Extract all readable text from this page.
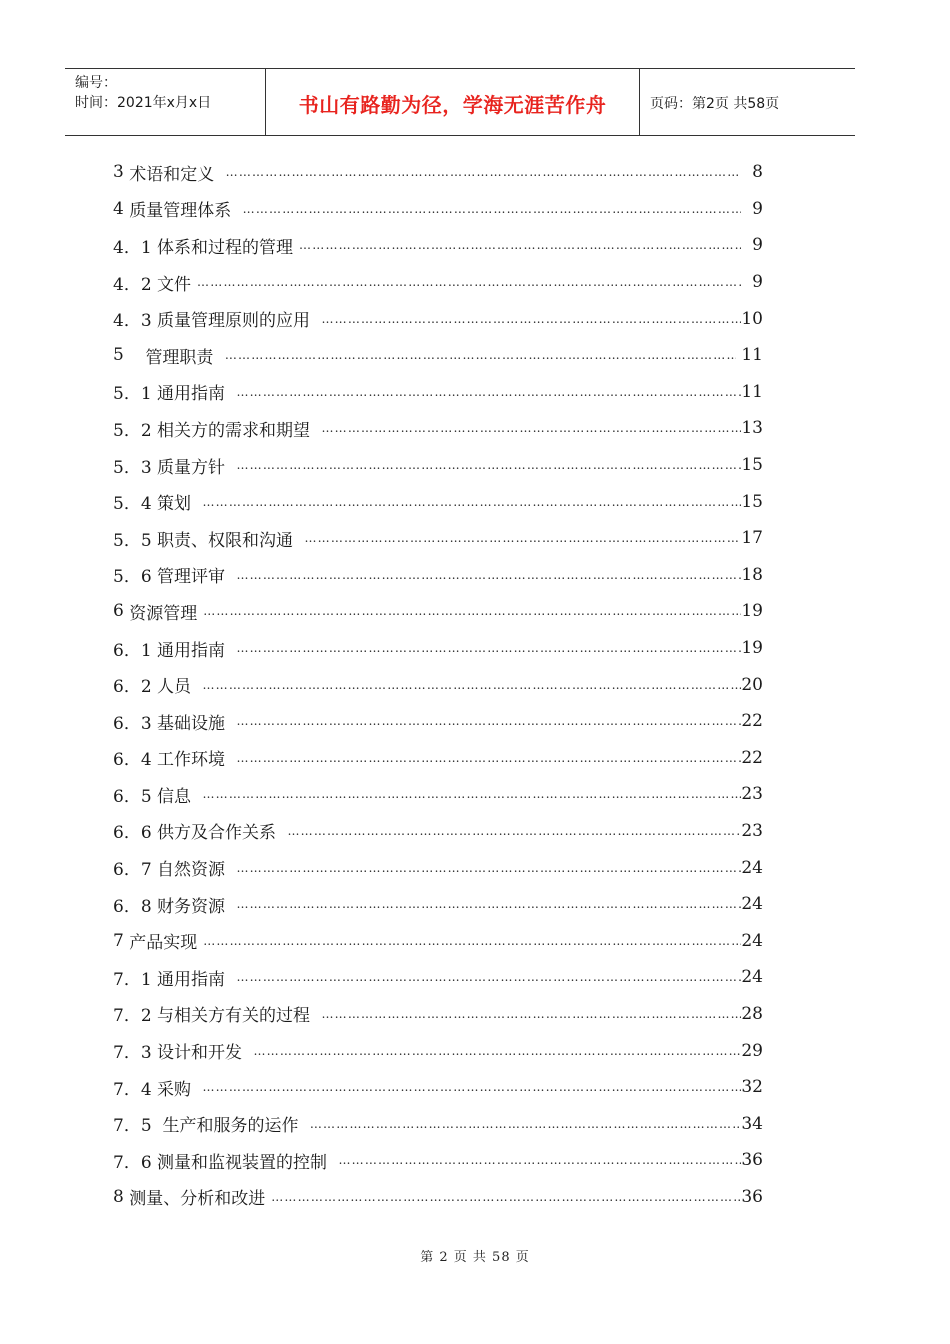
编号：
时间：2021年x月x日	书山有路勤为径，学海无涯苦作舟	页码：第2页 共58页
3 术语和定义 ……………………………………………………………………………………………………………………………………………………………………………………………………………………	8
4 质量管理体系 ……………………………………………………………………………………………………………………………………………………………………………………………………………………	9
4．1 体系和过程的管理 ……………………………………………………………………………………………………………………………………………………………………………………………………………………	9
4．2 文件 ……………………………………………………………………………………………………………………………………………………………………………………………………………………	9
4．3 质量管理原则的应用 ……………………………………………………………………………………………………………………………………………………………………………………………………………………	10
5 管理职责 ……………………………………………………………………………………………………………………………………………………………………………………………………………………	11
5．1 通用指南 ……………………………………………………………………………………………………………………………………………………………………………………………………………………	11
5．2 相关方的需求和期望 ……………………………………………………………………………………………………………………………………………………………………………………………………………………	13
5．3 质量方针 ……………………………………………………………………………………………………………………………………………………………………………………………………………………	15
5．4 策划 ……………………………………………………………………………………………………………………………………………………………………………………………………………………	15
5．5 职责、权限和沟通 ……………………………………………………………………………………………………………………………………………………………………………………………………………………	17
5．6 管理评审 ……………………………………………………………………………………………………………………………………………………………………………………………………………………	18
6 资源管理 ……………………………………………………………………………………………………………………………………………………………………………………………………………………	19
6．1 通用指南 ……………………………………………………………………………………………………………………………………………………………………………………………………………………	19
6．2 人员 ……………………………………………………………………………………………………………………………………………………………………………………………………………………	20
6．3 基础设施 ……………………………………………………………………………………………………………………………………………………………………………………………………………………	22
6．4 工作环境 ……………………………………………………………………………………………………………………………………………………………………………………………………………………	22
6．5 信息 ……………………………………………………………………………………………………………………………………………………………………………………………………………………	23
6．6 供方及合作关系 ……………………………………………………………………………………………………………………………………………………………………………………………………………………	23
6．7 自然资源 ……………………………………………………………………………………………………………………………………………………………………………………………………………………	24
6．8 财务资源 ……………………………………………………………………………………………………………………………………………………………………………………………………………………	24
7 产品实现 ……………………………………………………………………………………………………………………………………………………………………………………………………………………	24
7．1 通用指南 ……………………………………………………………………………………………………………………………………………………………………………………………………………………	24
7．2 与相关方有关的过程 ……………………………………………………………………………………………………………………………………………………………………………………………………………………	28
7．3 设计和开发 ……………………………………………………………………………………………………………………………………………………………………………………………………………………	29
7．4 采购 ……………………………………………………………………………………………………………………………………………………………………………………………………………………	32
7．5 生产和服务的运作 ……………………………………………………………………………………………………………………………………………………………………………………………………………………	34
7．6 测量和监视装置的控制 ……………………………………………………………………………………………………………………………………………………………………………………………………………………	36
8 测量、分析和改进 ……………………………………………………………………………………………………………………………………………………………………………………………………………………	36
第 2 页 共 58 页
